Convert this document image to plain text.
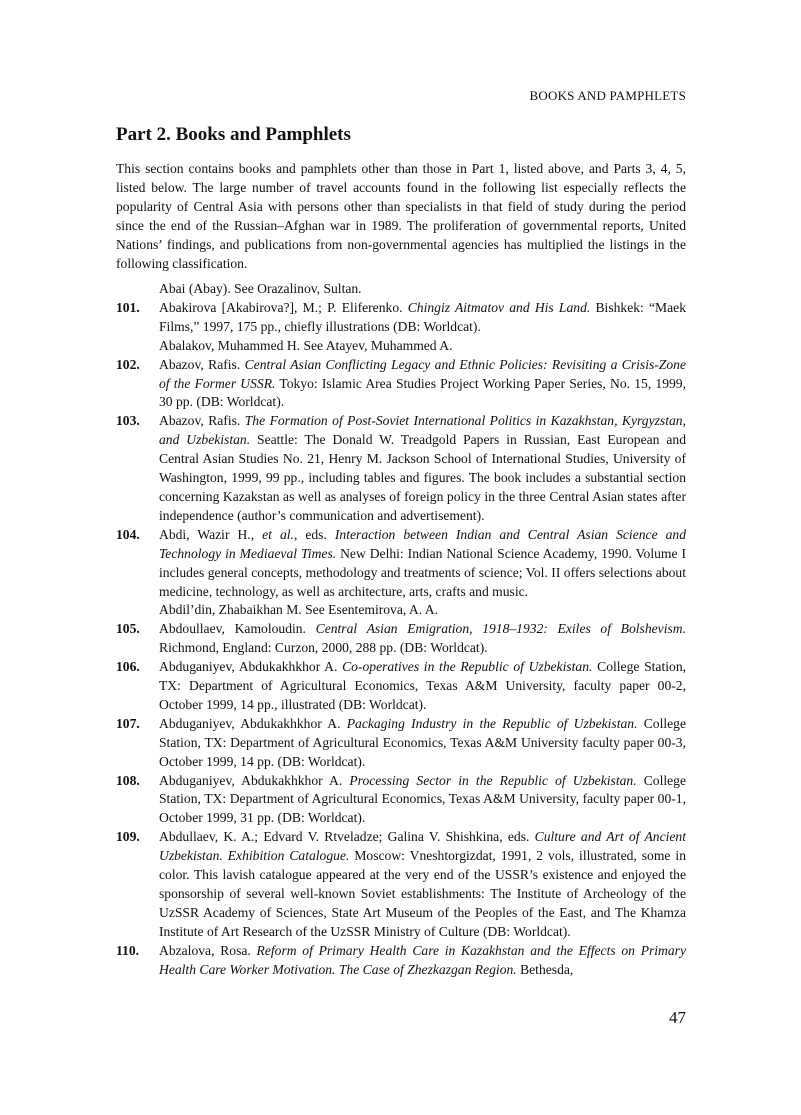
BOOKS AND PAMPHLETS
Part 2. Books and Pamphlets

This section contains books and pamphlets other than those in Part 1, listed above, and Parts 3, 4, 5, listed below. The large number of travel accounts found in the following list especially reflects the popularity of Central Asia with persons other than specialists in that field of study during the period since the end of the Russian–Afghan war in 1989. The proliferation of governmental reports, United Nations’ findings, and publications from non-governmental agencies has multiplied the listings in the following classification.

Abai (Abay). See Orazalinov, Sultan.
101. Abakirova [Akabirova?], M.; P. Eliferenko. Chingiz Aitmatov and His Land. Bishkek: “Maek Films,” 1997, 175 pp., chiefly illustrations (DB: Worldcat).
Abalakov, Muhammed H. See Atayev, Muhammed A.
102. Abazov, Rafis. Central Asian Conflicting Legacy and Ethnic Policies: Revisiting a Crisis-Zone of the Former USSR. Tokyo: Islamic Area Studies Project Working Paper Series, No. 15, 1999, 30 pp. (DB: Worldcat).
103. Abazov, Rafis. The Formation of Post-Soviet International Politics in Kazakhstan, Kyrgyzstan, and Uzbekistan. Seattle: The Donald W. Treadgold Papers in Russian, East European and Central Asian Studies No. 21, Henry M. Jackson School of International Studies, University of Washington, 1999, 99 pp., including tables and figures. The book includes a substantial section concerning Kazakstan as well as analyses of foreign policy in the three Central Asian states after independence (author’s communication and advertisement).
104. Abdi, Wazir H., et al., eds. Interaction between Indian and Central Asian Science and Technology in Mediaeval Times. New Delhi: Indian National Science Academy, 1990. Volume I includes general concepts, methodology and treatments of science; Vol. II offers selections about medicine, technology, as well as architecture, arts, crafts and music.
Abdil’din, Zhabaikhan M. See Esentemirova, A. A.
105. Abdoullaev, Kamoloudin. Central Asian Emigration, 1918–1932: Exiles of Bolshevism. Richmond, England: Curzon, 2000, 288 pp. (DB: Worldcat).
106. Abduganiyev, Abdukakhkhor A. Co-operatives in the Republic of Uzbekistan. College Station, TX: Department of Agricultural Economics, Texas A&M University, faculty paper 00-2, October 1999, 14 pp., illustrated (DB: Worldcat).
107. Abduganiyev, Abdukakhkhor A. Packaging Industry in the Republic of Uzbekistan. College Station, TX: Department of Agricultural Economics, Texas A&M University faculty paper 00-3, October 1999, 14 pp. (DB: Worldcat).
108. Abduganiyev, Abdukakhkhor A. Processing Sector in the Republic of Uzbekistan. College Station, TX: Department of Agricultural Economics, Texas A&M University, faculty paper 00-1, October 1999, 31 pp. (DB: Worldcat).
109. Abdullaev, K. A.; Edvard V. Rtveladze; Galina V. Shishkina, eds. Culture and Art of Ancient Uzbekistan. Exhibition Catalogue. Moscow: Vneshtorgizdat, 1991, 2 vols, illustrated, some in color. This lavish catalogue appeared at the very end of the USSR’s existence and enjoyed the sponsorship of several well-known Soviet establishments: The Institute of Archeology of the UzSSR Academy of Sciences, State Art Museum of the Peoples of the East, and The Khamza Institute of Art Research of the UzSSR Ministry of Culture (DB: Worldcat).
110. Abzalova, Rosa. Reform of Primary Health Care in Kazakhstan and the Effects on Primary Health Care Worker Motivation. The Case of Zhezkazgan Region. Bethesda,
47
